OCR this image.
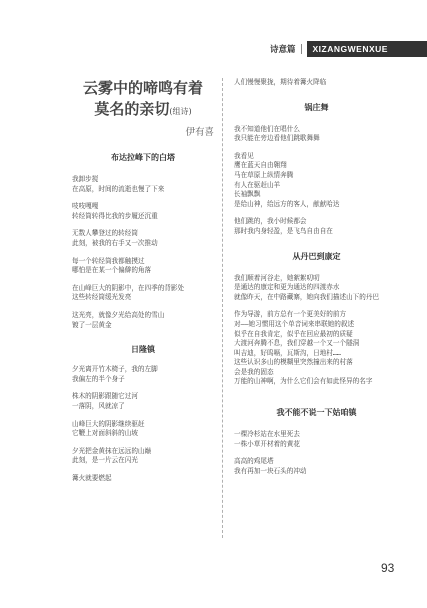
诗意篇	XIZANGWENXUE

云雾中的啼鸣有着

莫名的亲切(组诗)

伊有喜

布达拉峰下的白塔

我卸步搅

在高原，时间的流逝也慢了下来

吱吱嘎嘎

转经筒转得比我的步履还沉重

无数人攀登过的转经筒

此刻，被我的右手又一次推动

每一个转经筒我都触摸过

哪怕是在某一个偏僻的角落

在山峰巨大的阴影中，在四季的背影处

这些转经筒缓光发亮

这光亮，就像夕光给高处的雪山

镀了一层黄金

日隆镇

夕光离开竹木椅子，我的左脚

我偏左的半个身子

株木的阴影跟随它过河

一落阴，风就凉了

山峰巨大的阴影继续驱赶

它鞭上对面斜斜的山坡

夕光把金黄抹在远远的山巅

此刻，是一片云在闪光

篝火就要燃起

人们慢慢聚拢，期待着篝火降临

锅庄舞

我不知道他们在唱什么

我只能在旁边看他们跳歌舞舞

我看见

鹰在蓝天自由翱翔

马在草原上纵情奔腾

有人在驱赶山羊

长袖飘飘

是给山神，给远方的客人，献献哈达

他们跳的，我小时候都会

那时我内身轻盈，是飞鸟自由自在

从丹巴到康定

我们顺着河谷走，她絮絮叨叨

是通达的康定和更为通达的四渡赤水

就像昨天，在中路藏寨，她向我们描述山下的丹巴

作为导游，前方总有一个更美好的前方

对——她习惯用这个单音词来串联她的叙述

似乎在自我肯定，似乎在回应最初的质疑

大渡河奔腾不息，我们穿越一个又一个隧洞

叫吉迪，好呜嗝，瓦斯沟，日地村……

这些认识多山的模糊里突然撞出来的村落

会是我的固态

万能的山神啊，为什么它们会有如此怪异的名字

我不能不说一下姑咱镇

一棵冷杉站在水里死去

一株小草开材着的黄花

高高的鸡尾塔

我有再加一块石头的冲动

93
